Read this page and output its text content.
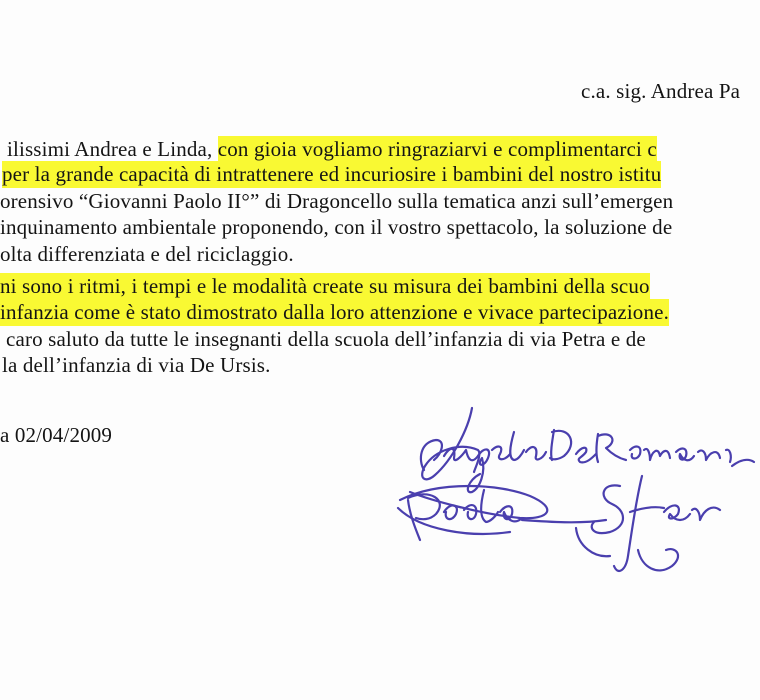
c.a. sig. Andrea Pa
ilissimi Andrea e Linda, con gioia vogliamo ringraziarvi e complimentarci c
per la grande capacità di intrattenere ed incuriosire i bambini del nostro istitu
orensivo “Giovanni Paolo II°” di Dragoncello sulla tematica anzi sull’emergen
inquinamento ambientale proponendo, con il vostro spettacolo, la soluzione de
olta differenziata e del riciclaggio.
ni sono i ritmi, i tempi e le modalità create su misura dei bambini della scuo
infanzia come è stato dimostrato dalla loro attenzione e vivace partecipazione.
caro saluto da tutte le insegnanti della scuola dell’infanzia di via Petra e de
la dell’infanzia di via De Ursis.
a 02/04/2009
